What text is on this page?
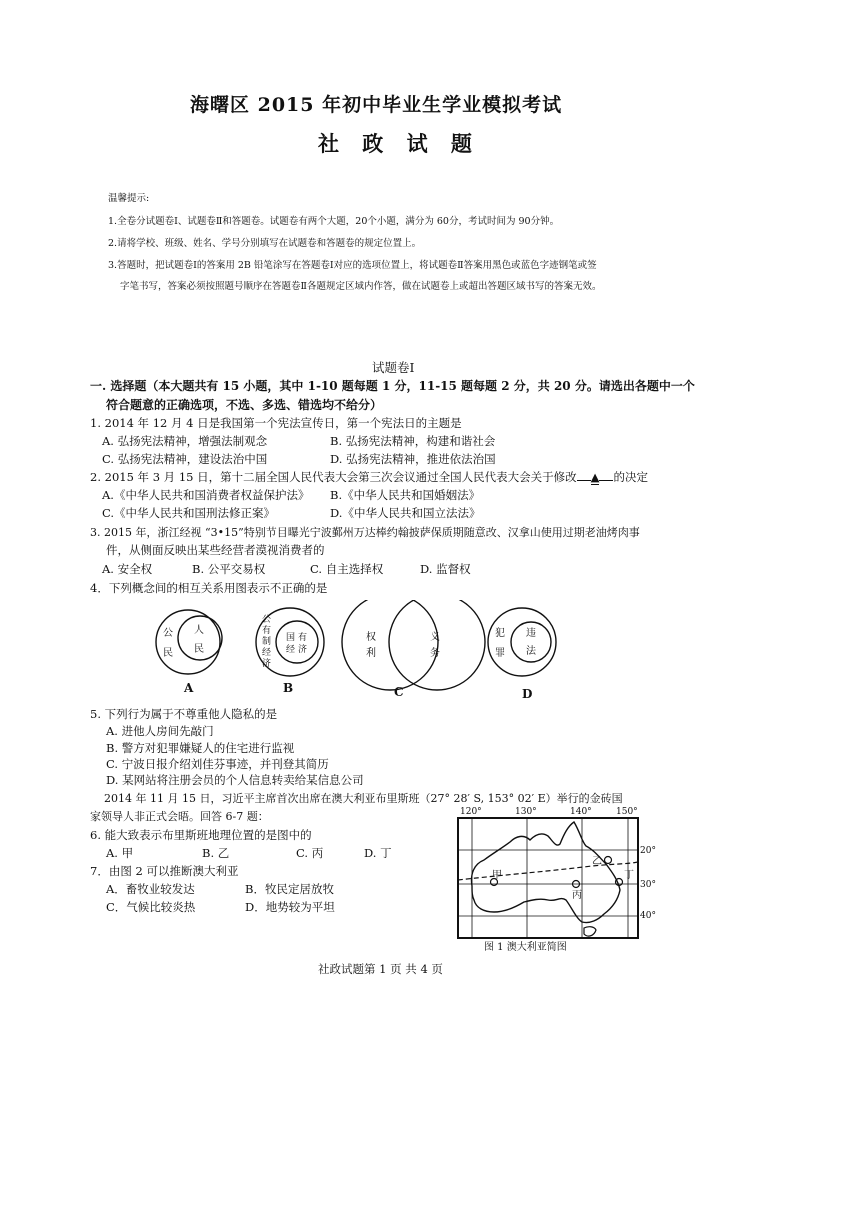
海曙区 2015 年初中毕业生学业模拟考试
社 政 试 题
温馨提示:
1.全卷分试题卷Ⅰ、试题卷Ⅱ和答题卷。试题卷有两个大题，20个小题，满分为 60分，考试时间为 90分钟。
2.请将学校、班级、姓名、学号分别填写在试题卷和答题卷的规定位置上。
3.答题时，把试题卷Ⅰ的答案用 2B 铅笔涂写在答题卷Ⅰ对应的选项位置上，将试题卷Ⅱ答案用黑色或蓝色字迹钢笔或签
字笔书写，答案必须按照题号顺序在答题卷Ⅱ各题规定区域内作答，做在试题卷上或超出答题区域书写的答案无效。
试题卷Ⅰ
一. 选择题（本大题共有 15 小题，其中 1-10 题每题 1 分，11-15 题每题 2 分，共 20 分。请选出各题中一个
符合题意的正确选项，不选、多选、错选均不给分）
1. 2014 年 12 月 4 日是我国第一个宪法宣传日，第一个宪法日的主题是
A. 弘扬宪法精神，增强法制观念	B. 弘扬宪法精神，构建和谐社会
C. 弘扬宪法精神，建设法治中国	D. 弘扬宪法精神，推进依法治国
2. 2015 年 3 月 15 日，第十二届全国人民代表大会第三次会议通过全国人民代表大会关于修改 ▲ 的决定
A.《中华人民共和国消费者权益保护法》 B.《中华人民共和国婚姻法》
C.《中华人民共和国刑法修正案》	D.《中华人民共和国立法法》
3. 2015 年，浙江经视 “3•15”特别节目曝光宁波鄞州万达棒约翰披萨保质期随意改、汉拿山使用过期老油烤肉事
件，从侧面反映出某些经营者漠视消费者的
A. 安全权	B. 公平交易权	C. 自主选择权	D. 监督权
4．下列概念间的相互关系用图表示不正确的是
公
民
人
民
公
有
制
经
济
国 有
经 济
权
利
义
务
犯
罪
违
法
A	B	C	D
5. 下列行为属于不尊重他人隐私的是
A. 进他人房间先敲门
B. 警方对犯罪嫌疑人的住宅进行监视
C. 宁波日报介绍刘佳芬事迹，并刊登其简历
D. 某网站将注册会员的个人信息转卖给某信息公司
2014 年 11 月 15 日，习近平主席首次出席在澳大利亚布里斯班（27° 28′ S, 153° 02′ E）举行的金砖国
家领导人非正式会晤。回答 6-7 题：
6. 能大致表示布里斯班地理位置的是图中的
A. 甲	B. 乙	C. 丙	D. 丁
7．由图 2 可以推断澳大利亚
A．畜牧业较发达	B．牧民定居放牧
C．气候比较炎热	D．地势较为平坦
120°	130°	140°	150°
20°
30°
40°
甲
乙
丙
丁
图 1 澳大利亚简图
社政试题第 1 页 共 4 页
